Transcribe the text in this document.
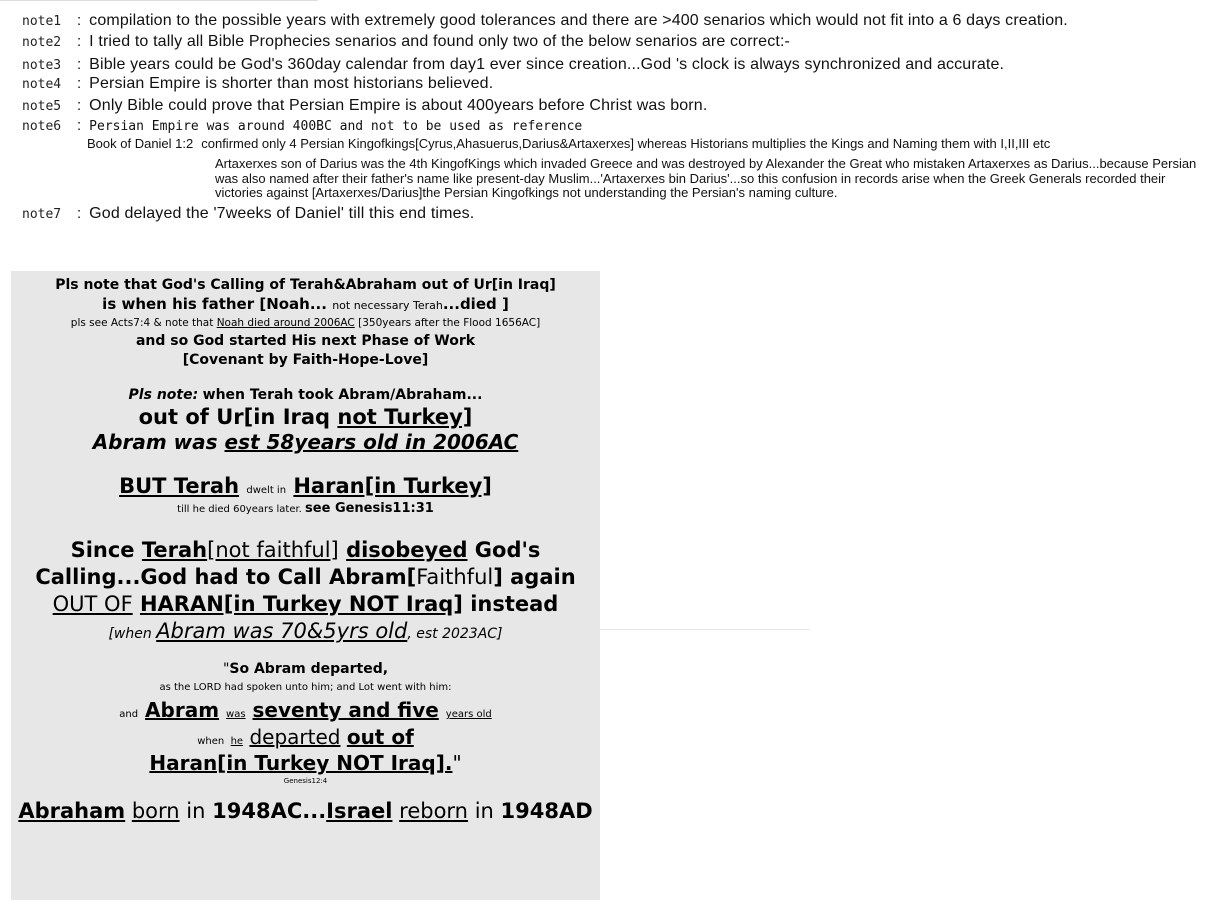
note1	: compilation to the possible years with extremely good tolerances and there are >400 senarios which would not fit into a 6 days creation.
note2	: I tried to tally all Bible Prophecies senarios and found only two of the below senarios are correct:-
note3	: Bible years could be God's 360day calendar from day1 ever since creation...God 's clock is always synchronized and accurate.
note4	: Persian Empire is shorter than most historians believed.
note5	: Only Bible could prove that Persian Empire is about 400years before Christ was born.
note6	: Persian Empire was around 400BC and not to be used as reference
Book of Daniel 1:2 confirmed only 4 Persian Kingofkings[Cyrus,Ahasuerus,Darius&Artaxerxes] whereas Historians multiplies the Kings and Naming them with I,II,III etc
Artaxerxes son of Darius was the 4th KingofKings which invaded Greece and was destroyed by Alexander the Great who mistaken Artaxerxes as Darius...because Persian was also named after their father's name like present-day Muslim...'Artaxerxes bin Darius'...so this confusion in records arise when the Greek Generals recorded their victories against [Artaxerxes/Darius]the Persian Kingofkings not understanding the Persian's naming culture.
note7	: God delayed the '7weeks of Daniel' till this end times.
Pls note that God's Calling of Terah&Abraham out of Ur[in Iraq]
is when his father [Noah... not necessary Terah...died ]
pls see Acts7:4 & note that Noah died around 2006AC [350years after the Flood 1656AC]
and so God started His next Phase of Work
[Covenant by Faith-Hope-Love]
Pls note: when Terah took Abram/Abraham...
out of Ur[in Iraq not Turkey]
Abram was est 58years old in 2006AC
BUT Terah dwelt in Haran[in Turkey]
till he died 60years later. see Genesis11:31
Since Terah[not faithful] disobeyed God's
Calling...God had to Call Abram[Faithful] again
OUT OF HARAN[in Turkey NOT Iraq] instead
[when Abram was 70&5yrs old, est 2023AC]
"So Abram departed,
as the LORD had spoken unto him; and Lot went with him:
and Abram was seventy and five years old
when he departed out of
Haran[in Turkey NOT Iraq]."
Genesis12:4
Abraham born in 1948AC...Israel reborn in 1948AD
